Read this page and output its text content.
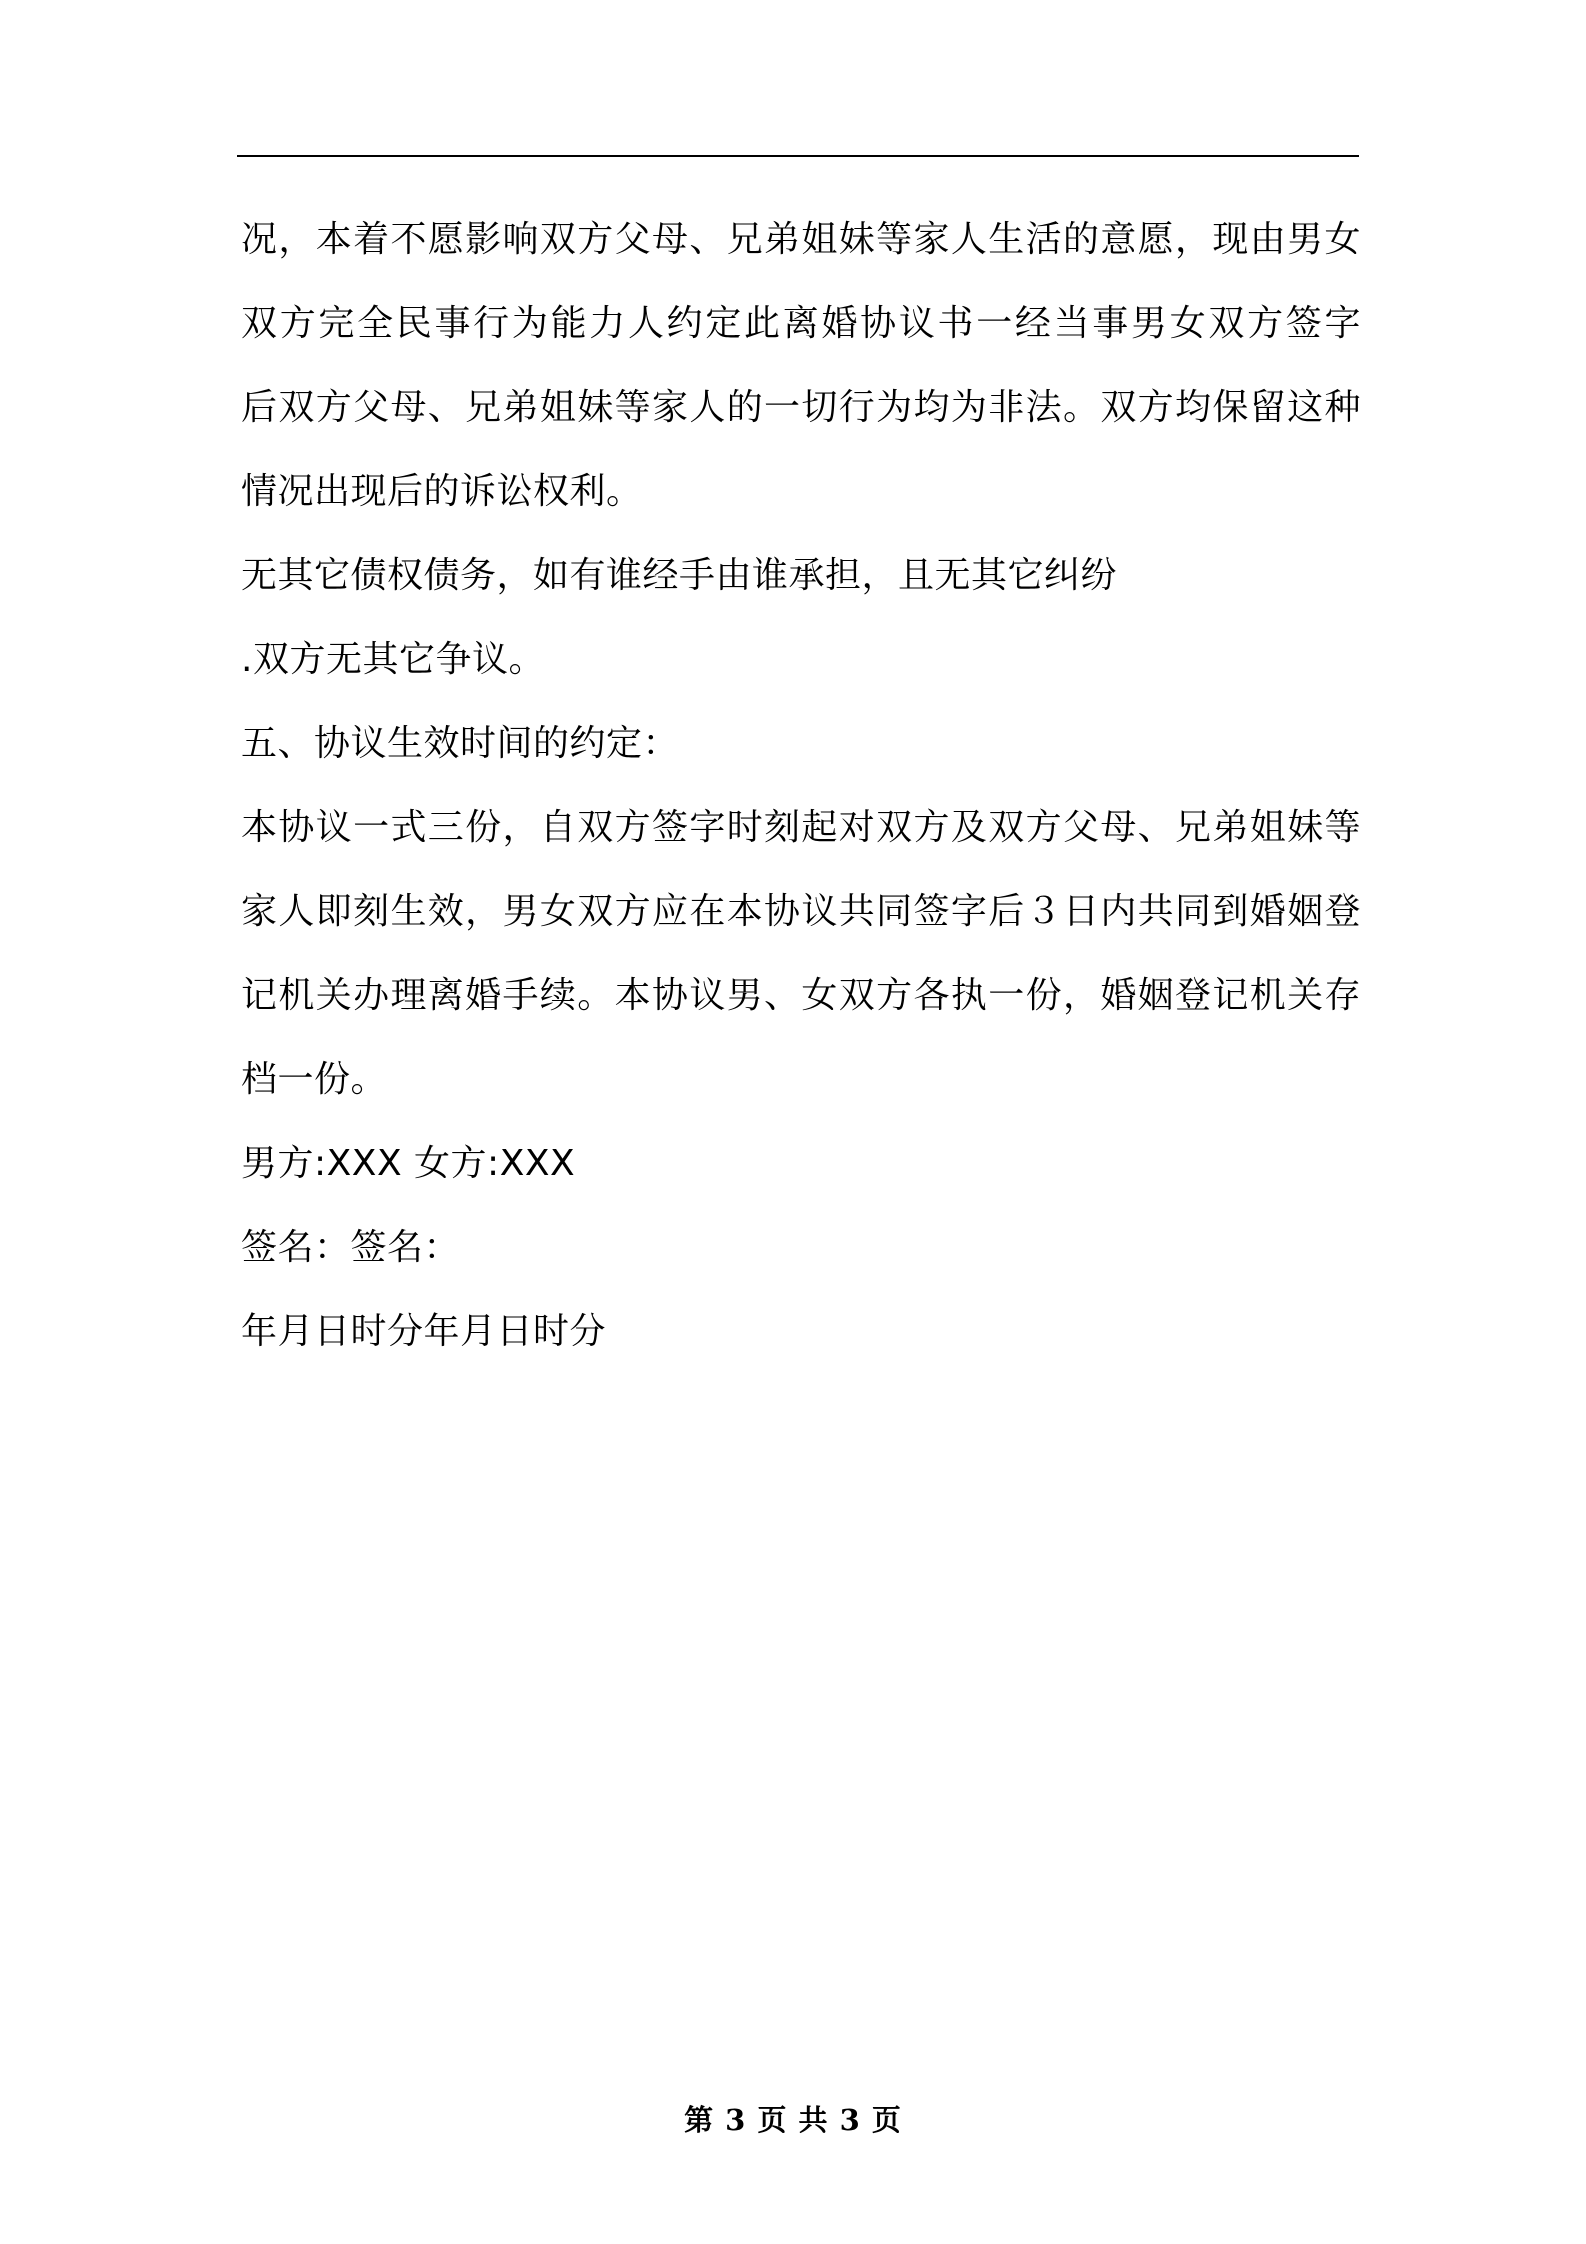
况，本着不愿影响双方父母、兄弟姐妹等家人生活的意愿，现由男女
双方完全民事行为能力人约定此离婚协议书一经当事男女双方签字
后双方父母、兄弟姐妹等家人的一切行为均为非法。双方均保留这种
情况出现后的诉讼权利。
无其它债权债务，如有谁经手由谁承担，且无其它纠纷
.双方无其它争议。
五、协议生效时间的约定：
本协议一式三份，自双方签字时刻起对双方及双方父母、兄弟姐妹等
家人即刻生效，男女双方应在本协议共同签字后３日内共同到婚姻登
记机关办理离婚手续。本协议男、女双方各执一份，婚姻登记机关存
档一份。
男方:XXX 女方:XXX
签名：签名：
年月日时分年月日时分
第 3 页 共 3 页
